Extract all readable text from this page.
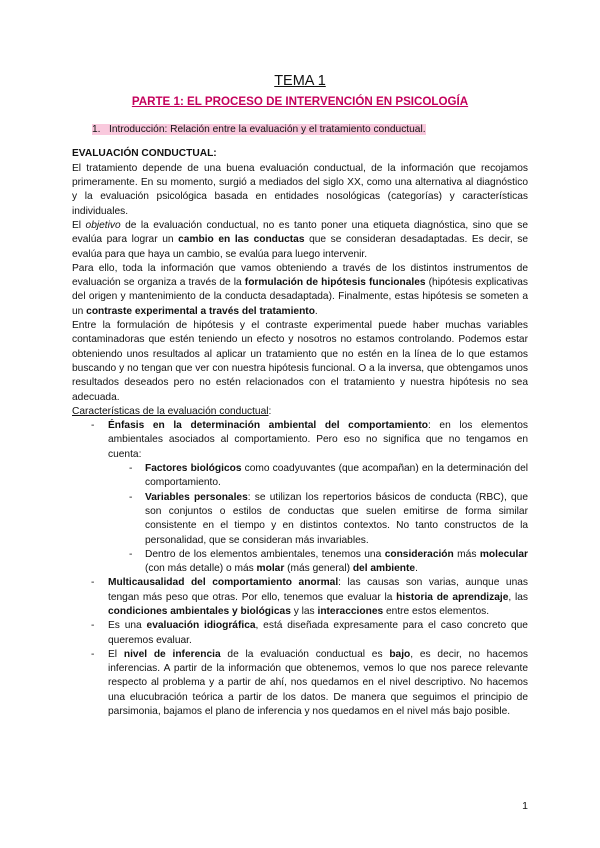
TEMA 1

PARTE 1: EL PROCESO DE INTERVENCIÓN EN PSICOLOGÍA

1. Introducción: Relación entre la evaluación y el tratamiento conductual.

EVALUACIÓN CONDUCTUAL:

El tratamiento depende de una buena evaluación conductual, de la información que recojamos primeramente. En su momento, surgió a mediados del siglo XX, como una alternativa al diagnóstico y la evaluación psicológica basada en entidades nosológicas (categorías) y características individuales.

El objetivo de la evaluación conductual, no es tanto poner una etiqueta diagnóstica, sino que se evalúa para lograr un cambio en las conductas que se consideran desadaptadas. Es decir, se evalúa para que haya un cambio, se evalúa para luego intervenir.

Para ello, toda la información que vamos obteniendo a través de los distintos instrumentos de evaluación se organiza a través de la formulación de hipótesis funcionales (hipótesis explicativas del origen y mantenimiento de la conducta desadaptada). Finalmente, estas hipótesis se someten a un contraste experimental a través del tratamiento.

Entre la formulación de hipótesis y el contraste experimental puede haber muchas variables contaminadoras que estén teniendo un efecto y nosotros no estamos controlando. Podemos estar obteniendo unos resultados al aplicar un tratamiento que no estén en la línea de lo que estamos buscando y no tengan que ver con nuestra hipótesis funcional. O a la inversa, que obtengamos unos resultados deseados pero no estén relacionados con el tratamiento y nuestra hipótesis no sea adecuada.

Características de la evaluación conductual:

- Énfasis en la determinación ambiental del comportamiento: en los elementos ambientales asociados al comportamiento. Pero eso no significa que no tengamos en cuenta:
- Factores biológicos como coadyuvantes (que acompañan) en la determinación del comportamiento.
- Variables personales: se utilizan los repertorios básicos de conducta (RBC), que son conjuntos o estilos de conductas que suelen emitirse de forma similar consistente en el tiempo y en distintos contextos. No tanto constructos de la personalidad, que se consideran más invariables.
- Dentro de los elementos ambientales, tenemos una consideración más molecular (con más detalle) o más molar (más general) del ambiente.
- Multicausalidad del comportamiento anormal: las causas son varias, aunque unas tengan más peso que otras. Por ello, tenemos que evaluar la historia de aprendizaje, las condiciones ambientales y biológicas y las interacciones entre estos elementos.
- Es una evaluación idiográfica, está diseñada expresamente para el caso concreto que queremos evaluar.
- El nivel de inferencia de la evaluación conductual es bajo, es decir, no hacemos inferencias. A partir de la información que obtenemos, vemos lo que nos parece relevante respecto al problema y a partir de ahí, nos quedamos en el nivel descriptivo. No hacemos una elucubración teórica a partir de los datos. De manera que seguimos el principio de parsimonia, bajamos el plano de inferencia y nos quedamos en el nivel más bajo posible.
1
